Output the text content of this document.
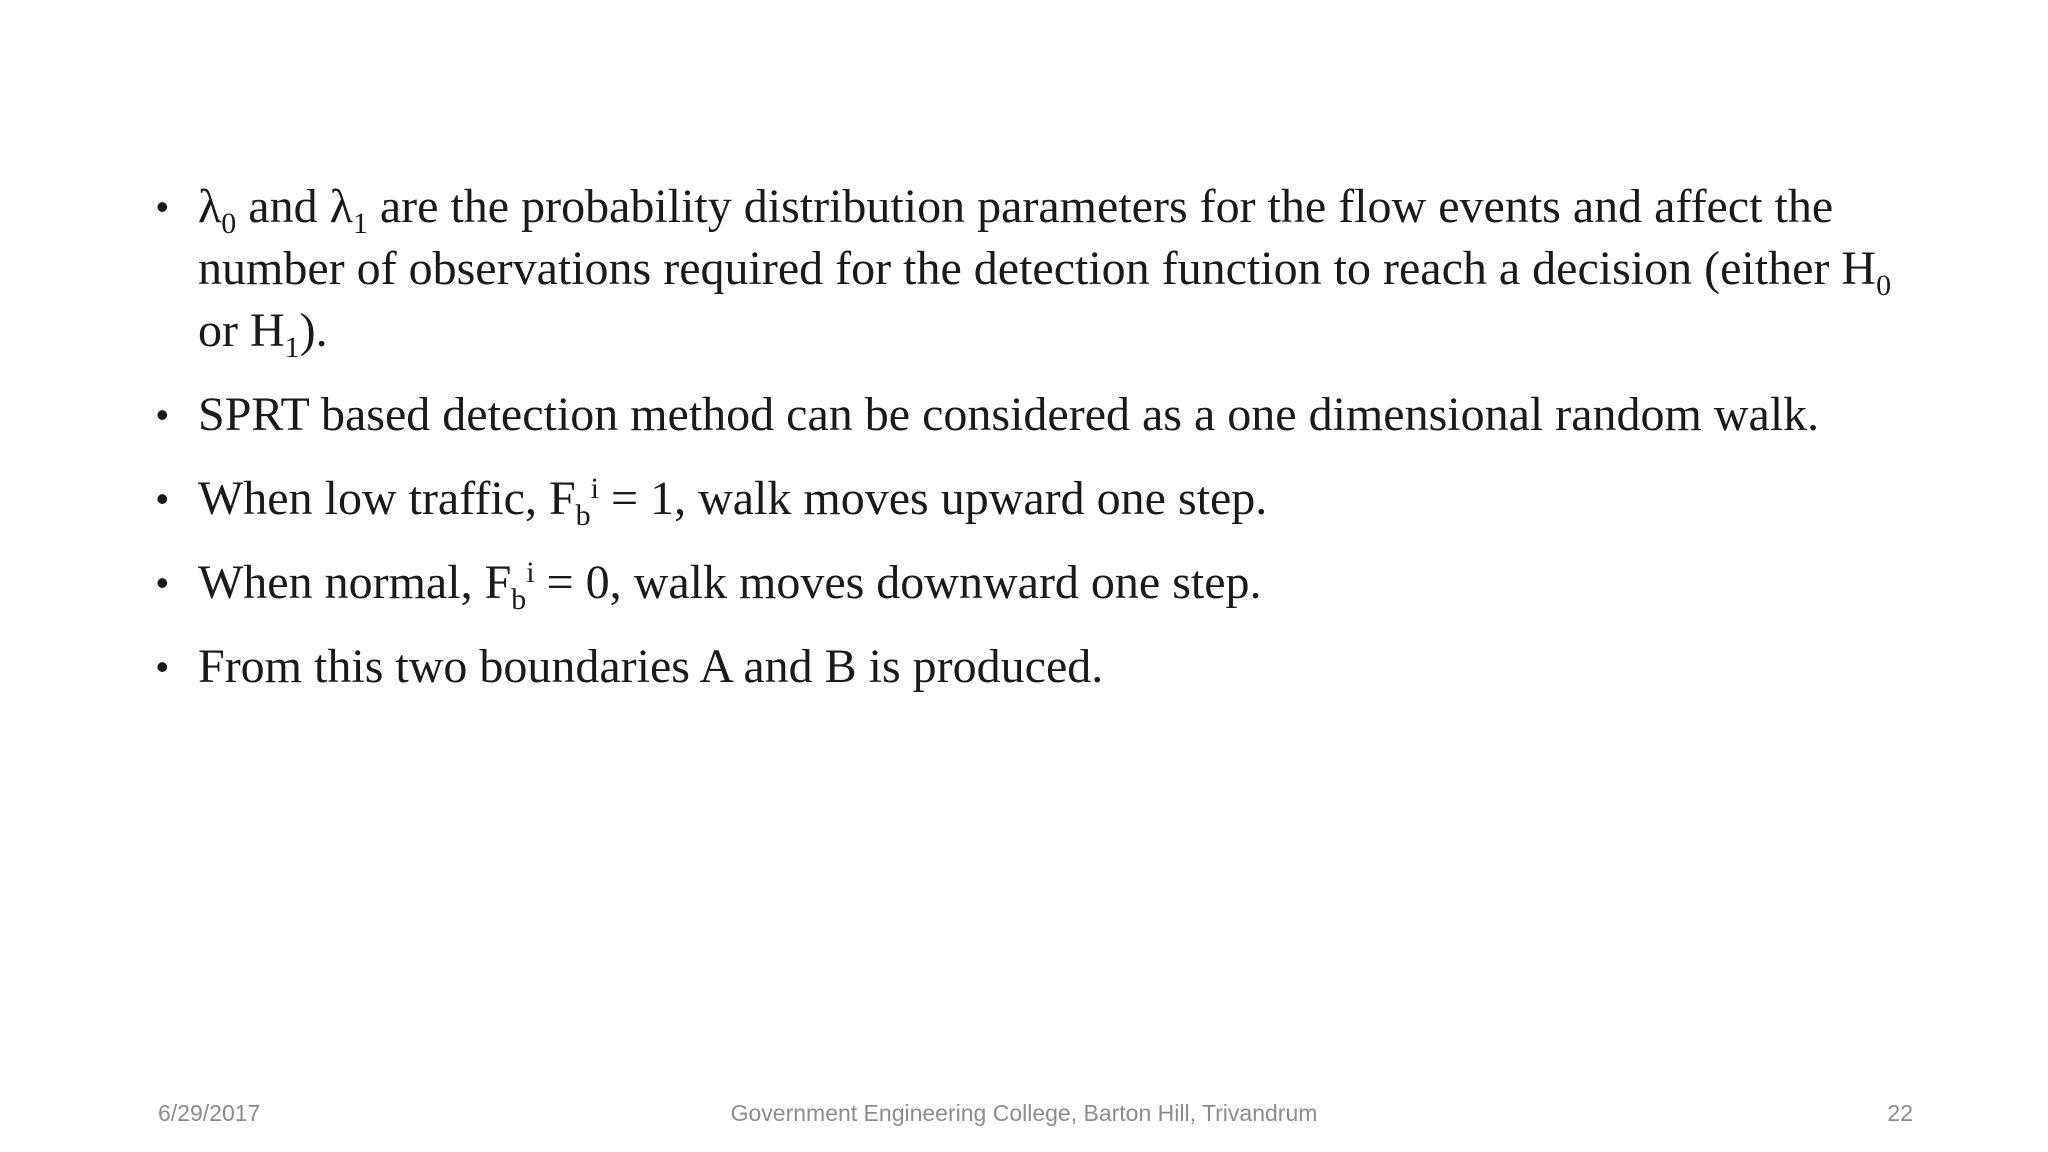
• $\lambda_0$ and $\lambda_1$ are the probability distribution parameters for the flow events and affect the number of observations required for the detection function to reach a decision (either $H_0$ or $H_1$).
• SPRT based detection method can be considered as a one dimensional random walk.
• When low traffic, $F_b^i = 1$, walk moves upward one step.
• When normal, $F_b^i = 0$, walk moves downward one step.
• From this two boundaries A and B is produced.
6/29/2017	Government Engineering College, Barton Hill, Trivandrum	22
